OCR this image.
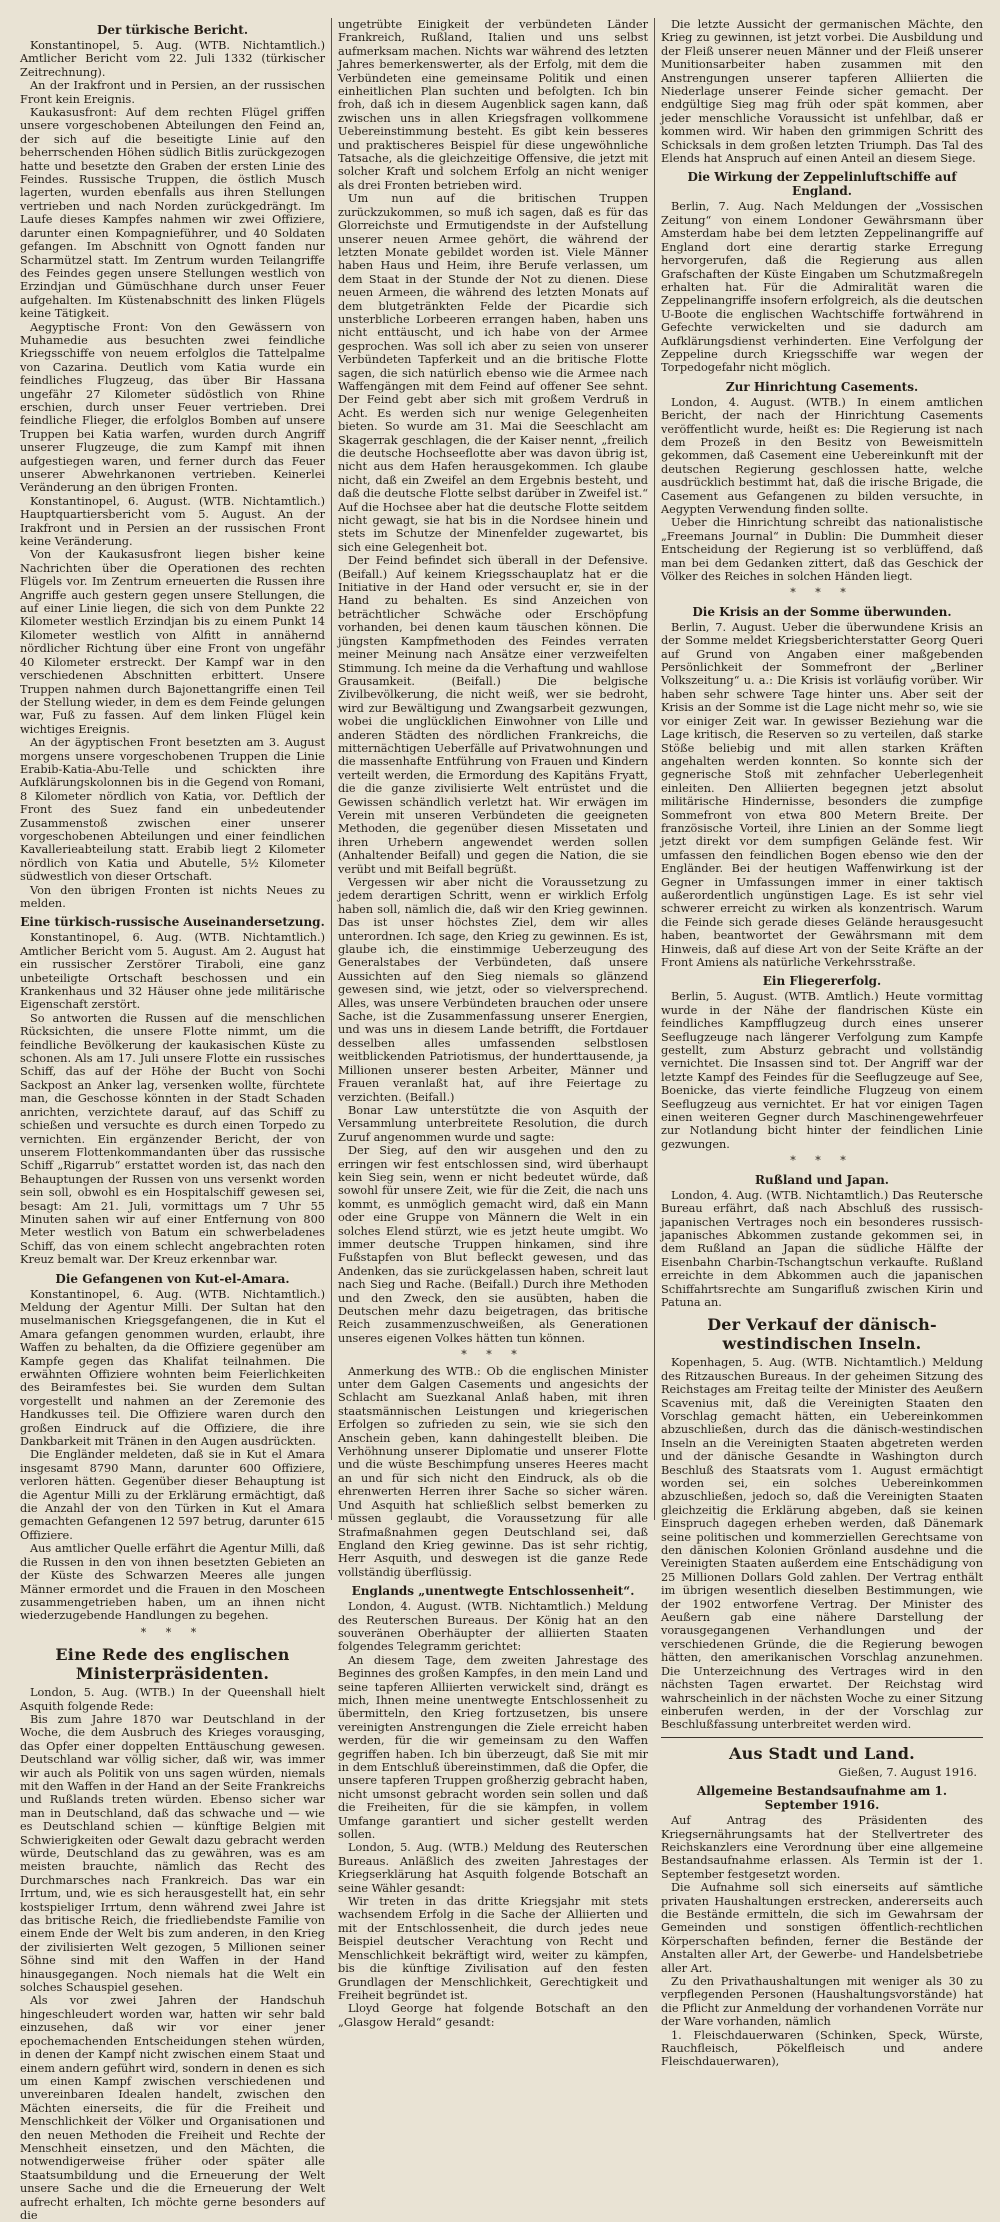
Der türkische Bericht.

Konstantinopel, 5. Aug. (WTB. Nichtamtlich.) Amtlicher Bericht vom 22. Juli 1332 (türkischer Zeitrechnung).

An der Irakfront und in Persien, an der russischen Front kein Ereignis.

Kaukasusfront: Auf dem rechten Flügel griffen unsere vorgeschobenen Abteilungen den Feind an, der sich auf die beseitigte Linie auf den beherrschenden Höhen südlich Bitlis zurückgezogen hatte und besetzte den Graben der ersten Linie des Feindes. Russische Truppen, die östlich Musch lagerten, wurden ebenfalls aus ihren Stellungen vertrieben und nach Norden zurückgedrängt. Im Laufe dieses Kampfes nahmen wir zwei Offiziere, darunter einen Kompagnieführer, und 40 Soldaten gefangen. Im Abschnitt von Ognott fanden nur Scharmützel statt. Im Zentrum wurden Teilangriffe des Feindes gegen unsere Stellungen westlich von Erzindjan und Gümüschhane durch unser Feuer aufgehalten. Im Küstenabschnitt des linken Flügels keine Tätigkeit.

Aegyptische Front: Von den Gewässern von Muhamedie aus besuchten zwei feindliche Kriegsschiffe von neuem erfolglos die Tattelpalme von Cazarina. Deutlich vom Katia wurde ein feindliches Flugzeug, das über Bir Hassana ungefähr 27 Kilometer südöstlich von Rhine erschien, durch unser Feuer vertrieben. Drei feindliche Flieger, die erfolglos Bomben auf unsere Truppen bei Katia warfen, wurden durch Angriff unserer Flugzeuge, die zum Kampf mit ihnen aufgestiegen waren, und ferner durch das Feuer unserer Abwehrkanonen vertrieben. Keinerlei Veränderung an den übrigen Fronten.

Konstantinopel, 6. August. (WTB. Nichtamtlich.) Hauptquartiersbericht vom 5. August. An der Irakfront und in Persien an der russischen Front keine Veränderung.

Von der Kaukasusfront liegen bisher keine Nachrichten über die Operationen des rechten Flügels vor. Im Zentrum erneuerten die Russen ihre Angriffe auch gestern gegen unsere Stellungen, die auf einer Linie liegen, die sich von dem Punkte 22 Kilometer westlich Erzindjan bis zu einem Punkt 14 Kilometer westlich von Alfitt in annähernd nördlicher Richtung über eine Front von ungefähr 40 Kilometer erstreckt. Der Kampf war in den verschiedenen Abschnitten erbittert. Unsere Truppen nahmen durch Bajonettangriffe einen Teil der Stellung wieder, in dem es dem Feinde gelungen war, Fuß zu fassen. Auf dem linken Flügel kein wichtiges Ereignis.

An der ägyptischen Front besetzten am 3. August morgens unsere vorgeschobenen Truppen die Linie Erabib-Katia-Abu-Telle und schickten ihre Aufklärungskolonnen bis in die Gegend von Romani, 8 Kilometer nördlich von Katia, vor. Deftlich der Front des Suez fand ein unbedeutender Zusammenstoß zwischen einer unserer vorgeschobenen Abteilungen und einer feindlichen Kavallerieabteilung statt. Erabib liegt 2 Kilometer nördlich von Katia und Abutelle, 5½ Kilometer südwestlich von dieser Ortschaft.

Von den übrigen Fronten ist nichts Neues zu melden.

Eine türkisch-russische Auseinandersetzung.

Konstantinopel, 6. Aug. (WTB. Nichtamtlich.) Amtlicher Bericht vom 5. August. Am 2. August hat ein russischer Zerstörer Tiraboli, eine ganz unbeteiligte Ortschaft beschossen und ein Krankenhaus und 32 Häuser ohne jede militärische Eigenschaft zerstört.

So antworten die Russen auf die menschlichen Rücksichten, die unsere Flotte nimmt, um die feindliche Bevölkerung der kaukasischen Küste zu schonen. Als am 17. Juli unsere Flotte ein russisches Schiff, das auf der Höhe der Bucht von Sochi Sackpost an Anker lag, versenken wollte, fürchtete man, die Geschosse könnten in der Stadt Schaden anrichten, verzichtete darauf, auf das Schiff zu schießen und versuchte es durch einen Torpedo zu vernichten. Ein ergänzender Bericht, der von unserem Flottenkommandanten über das russische Schiff „Rigarrub“ erstattet worden ist, das nach den Behauptungen der Russen von uns versenkt worden sein soll, obwohl es ein Hospitalschiff gewesen sei, besagt: Am 21. Juli, vormittags um 7 Uhr 55 Minuten sahen wir auf einer Entfernung von 800 Meter westlich von Batum ein schwerbeladenes Schiff, das von einem schlecht angebrachten roten Kreuz bemalt war. Der Kreuz erkennbar war.

Die Gefangenen von Kut-el-Amara.

Konstantinopel, 6. Aug. (WTB. Nichtamtlich.) Meldung der Agentur Milli. Der Sultan hat den muselmanischen Kriegsgefangenen, die in Kut el Amara gefangen genommen wurden, erlaubt, ihre Waffen zu behalten, da die Offiziere gegenüber am Kampfe gegen das Khalifat teilnahmen. Die erwähnten Offiziere wohnten beim Feierlichkeiten des Beiramfestes bei. Sie wurden dem Sultan vorgestellt und nahmen an der Zeremonie des Handkusses teil. Die Offiziere waren durch den großen Eindruck auf die Offiziere, die ihre Dankbarkeit mit Tränen in den Augen ausdrückten.

Die Engländer meldeten, daß sie in Kut el Amara insgesamt 8790 Mann, darunter 600 Offiziere, verloren hätten. Gegenüber dieser Behauptung ist die Agentur Milli zu der Erklärung ermächtigt, daß die Anzahl der von den Türken in Kut el Amara gemachten Gefangenen 12 597 betrug, darunter 615 Offiziere.

Aus amtlicher Quelle erfährt die Agentur Milli, daß die Russen in den von ihnen besetzten Gebieten an der Küste des Schwarzen Meeres alle jungen Männer ermordet und die Frauen in den Moscheen zusammengetrieben haben, um an ihnen nicht wiederzugebende Handlungen zu begehen.

* * *
Eine Rede des englischen Ministerpräsidenten.

London, 5. Aug. (WTB.) In der Queenshall hielt Asquith folgende Rede:

Bis zum Jahre 1870 war Deutschland in der Woche, die dem Ausbruch des Krieges vorausging, das Opfer einer doppelten Enttäuschung gewesen. Deutschland war völlig sicher, daß wir, was immer wir auch als Politik von uns sagen würden, niemals mit den Waffen in der Hand an der Seite Frankreichs und Rußlands treten würden. Ebenso sicher war man in Deutschland, daß das schwache und — wie es Deutschland schien — künftige Belgien mit Schwierigkeiten oder Gewalt dazu gebracht werden würde, Deutschland das zu gewähren, was es am meisten brauchte, nämlich das Recht des Durchmarsches nach Frankreich. Das war ein Irrtum, und, wie es sich herausgestellt hat, ein sehr kostspieliger Irrtum, denn während zwei Jahre ist das britische Reich, die friedliebendste Familie von einem Ende der Welt bis zum anderen, in den Krieg der zivilisierten Welt gezogen, 5 Millionen seiner Söhne sind mit den Waffen in der Hand hinausgegangen. Noch niemals hat die Welt ein solches Schauspiel gesehen.

Als vor zwei Jahren der Handschuh hingeschleudert worden war, hatten wir sehr bald einzusehen, daß wir vor einer jener epochemachenden Entscheidungen stehen würden, in denen der Kampf nicht zwischen einem Staat und einem andern geführt wird, sondern in denen es sich um einen Kampf zwischen verschiedenen und unvereinbaren Idealen handelt, zwischen den Mächten einerseits, die für die Freiheit und Menschlichkeit der Völker und Organisationen und den neuen Methoden die Freiheit und Rechte der Menschheit einsetzen, und den Mächten, die notwendigerweise früher oder später alle Staatsumbildung und die Erneuerung der Welt unsere Sache und die die Erneuerung der Welt aufrecht erhalten, Ich möchte gerne besonders auf die

ungetrübte Einigkeit der verbündeten Länder Frankreich, Rußland, Italien und uns selbst aufmerksam machen. Nichts war während des letzten Jahres bemerkenswerter, als der Erfolg, mit dem die Verbündeten eine gemeinsame Politik und einen einheitlichen Plan suchten und befolgten. Ich bin froh, daß ich in diesem Augenblick sagen kann, daß zwischen uns in allen Kriegsfragen vollkommene Uebereinstimmung besteht. Es gibt kein besseres und praktischeres Beispiel für diese ungewöhnliche Tatsache, als die gleichzeitige Offensive, die jetzt mit solcher Kraft und solchem Erfolg an nicht weniger als drei Fronten betrieben wird.

Um nun auf die britischen Truppen zurückzukommen, so muß ich sagen, daß es für das Glorreichste und Ermutigendste in der Aufstellung unserer neuen Armee gehört, die während der letzten Monate gebildet worden ist. Viele Männer haben Haus und Heim, ihre Berufe verlassen, um dem Staat in der Stunde der Not zu dienen. Diese neuen Armeen, die während des letzten Monats auf dem blutgetränkten Felde der Picardie sich unsterbliche Lorbeeren errangen haben, haben uns nicht enttäuscht, und ich habe von der Armee gesprochen. Was soll ich aber zu seien von unserer Verbündeten Tapferkeit und an die britische Flotte sagen, die sich natürlich ebenso wie die Armee nach Waffengängen mit dem Feind auf offener See sehnt. Der Feind gebt aber sich mit großem Verdruß in Acht. Es werden sich nur wenige Gelegenheiten bieten. So wurde am 31. Mai die Seeschlacht am Skagerrak geschlagen, die der Kaiser nennt, „freilich die deutsche Hochseeflotte aber was davon übrig ist, nicht aus dem Hafen herausgekommen. Ich glaube nicht, daß ein Zweifel an dem Ergebnis besteht, und daß die deutsche Flotte selbst darüber in Zweifel ist.“ Auf die Hochsee aber hat die deutsche Flotte seitdem nicht gewagt, sie hat bis in die Nordsee hinein und stets im Schutze der Minenfelder zugewartet, bis sich eine Gelegenheit bot.

Der Feind befindet sich überall in der Defensive. (Beifall.) Auf keinem Kriegsschauplatz hat er die Initiative in der Hand oder versucht er, sie in der Hand zu behalten. Es sind Anzeichen von beträchtlicher Schwäche oder Erschöpfung vorhanden, bei denen kaum täuschen können. Die jüngsten Kampfmethoden des Feindes verraten meiner Meinung nach Ansätze einer verzweifelten Stimmung. Ich meine da die Verhaftung und wahllose Grausamkeit. (Beifall.) Die belgische Zivilbevölkerung, die nicht weiß, wer sie bedroht, wird zur Bewältigung und Zwangsarbeit gezwungen, wobei die unglücklichen Einwohner von Lille und anderen Städten des nördlichen Frankreichs, die mitternächtigen Ueberfälle auf Privatwohnungen und die massenhafte Entführung von Frauen und Kindern verteilt werden, die Ermordung des Kapitäns Fryatt, die die ganze zivilisierte Welt entrüstet und die Gewissen schändlich verletzt hat. Wir erwägen im Verein mit unseren Verbündeten die geeigneten Methoden, die gegenüber diesen Missetaten und ihren Urhebern angewendet werden sollen (Anhaltender Beifall) und gegen die Nation, die sie verübt und mit Beifall begrüßt.

Vergessen wir aber nicht die Voraussetzung zu jedem derartigen Schritt, wenn er wirklich Erfolg haben soll, nämlich die, daß wir den Krieg gewinnen. Das ist unser höchstes Ziel, dem wir alles unterordnen. Ich sage, den Krieg zu gewinnen. Es ist, glaube ich, die einstimmige Ueberzeugung des Generalstabes der Verbündeten, daß unsere Aussichten auf den Sieg niemals so glänzend gewesen sind, wie jetzt, oder so vielversprechend. Alles, was unsere Verbündeten brauchen oder unsere Sache, ist die Zusammenfassung unserer Energien, und was uns in diesem Lande betrifft, die Fortdauer desselben alles umfassenden selbstlosen weitblickenden Patriotismus, der hunderttausende, ja Millionen unserer besten Arbeiter, Männer und Frauen veranlaßt hat, auf ihre Feiertage zu verzichten. (Beifall.)

Bonar Law unterstützte die von Asquith der Versammlung unterbreitete Resolution, die durch Zuruf angenommen wurde und sagte:

Der Sieg, auf den wir ausgehen und den zu erringen wir fest entschlossen sind, wird überhaupt kein Sieg sein, wenn er nicht bedeutet würde, daß sowohl für unsere Zeit, wie für die Zeit, die nach uns kommt, es unmöglich gemacht wird, daß ein Mann oder eine Gruppe von Männern die Welt in ein solches Elend stürzt, wie es jetzt heute umgibt. Wo immer deutsche Truppen hinkamen, sind ihre Fußstapfen von Blut befleckt gewesen, und das Andenken, das sie zurückgelassen haben, schreit laut nach Sieg und Rache. (Beifall.) Durch ihre Methoden und den Zweck, den sie ausübten, haben die Deutschen mehr dazu beigetragen, das britische Reich zusammenzuschweißen, als Generationen unseres eigenen Volkes hätten tun können.

* * *

Anmerkung des WTB.: Ob die englischen Minister unter dem Galgen Casements und angesichts der Schlacht am Suezkanal Anlaß haben, mit ihren staatsmännischen Leistungen und kriegerischen Erfolgen so zufrieden zu sein, wie sie sich den Anschein geben, kann dahingestellt bleiben. Die Verhöhnung unserer Diplomatie und unserer Flotte und die wüste Beschimpfung unseres Heeres macht an und für sich nicht den Eindruck, als ob die ehrenwerten Herren ihrer Sache so sicher wären. Und Asquith hat schließlich selbst bemerken zu müssen geglaubt, die Voraussetzung für alle Strafmaßnahmen gegen Deutschland sei, daß England den Krieg gewinne. Das ist sehr richtig, Herr Asquith, und deswegen ist die ganze Rede vollständig überflüssig.

Englands „unentwegte Entschlossenheit“.

London, 4. August. (WTB. Nichtamtlich.) Meldung des Reuterschen Bureaus. Der König hat an den souveränen Oberhäupter der alliierten Staaten folgendes Telegramm gerichtet:

An diesem Tage, dem zweiten Jahrestage des Beginnes des großen Kampfes, in den mein Land und seine tapferen Alliierten verwickelt sind, drängt es mich, Ihnen meine unentwegte Entschlossenheit zu übermitteln, den Krieg fortzusetzen, bis unsere vereinigten Anstrengungen die Ziele erreicht haben werden, für die wir gemeinsam zu den Waffen gegriffen haben. Ich bin überzeugt, daß Sie mit mir in dem Entschluß übereinstimmen, daß die Opfer, die unsere tapferen Truppen großherzig gebracht haben, nicht umsonst gebracht worden sein sollen und daß die Freiheiten, für die sie kämpfen, in vollem Umfange garantiert und sicher gestellt werden sollen.

London, 5. Aug. (WTB.) Meldung des Reuterschen Bureaus. Anläßlich des zweiten Jahrestages der Kriegserklärung hat Asquith folgende Botschaft an seine Wähler gesandt:

Wir treten in das dritte Kriegsjahr mit stets wachsendem Erfolg in die Sache der Alliierten und mit der Entschlossenheit, die durch jedes neue Beispiel deutscher Verachtung von Recht und Menschlichkeit bekräftigt wird, weiter zu kämpfen, bis die künftige Zivilisation auf den festen Grundlagen der Menschlichkeit, Gerechtigkeit und Freiheit begründet ist.

Lloyd George hat folgende Botschaft an den „Glasgow Herald“ gesandt:

Die letzte Aussicht der germanischen Mächte, den Krieg zu gewinnen, ist jetzt vorbei. Die Ausbildung und der Fleiß unserer neuen Männer und der Fleiß unserer Munitionsarbeiter haben zusammen mit den Anstrengungen unserer tapferen Alliierten die Niederlage unserer Feinde sicher gemacht. Der endgültige Sieg mag früh oder spät kommen, aber jeder menschliche Voraussicht ist unfehlbar, daß er kommen wird. Wir haben den grimmigen Schritt des Schicksals in dem großen letzten Triumph. Das Tal des Elends hat Anspruch auf einen Anteil an diesem Siege.

Die Wirkung der Zeppelinluftschiffe auf England.

Berlin, 7. Aug. Nach Meldungen der „Vossischen Zeitung“ von einem Londoner Gewährsmann über Amsterdam habe bei dem letzten Zeppelinangriffe auf England dort eine derartig starke Erregung hervorgerufen, daß die Regierung aus allen Grafschaften der Küste Eingaben um Schutzmaßregeln erhalten hat. Für die Admiralität waren die Zeppelinangriffe insofern erfolgreich, als die deutschen U-Boote die englischen Wachtschiffe fortwährend in Gefechte verwickelten und sie dadurch am Aufklärungsdienst verhinderten. Eine Verfolgung der Zeppeline durch Kriegsschiffe war wegen der Torpedogefahr nicht möglich.

Zur Hinrichtung Casements.

London, 4. August. (WTB.) In einem amtlichen Bericht, der nach der Hinrichtung Casements veröffentlicht wurde, heißt es: Die Regierung ist nach dem Prozeß in den Besitz von Beweismitteln gekommen, daß Casement eine Uebereinkunft mit der deutschen Regierung geschlossen hatte, welche ausdrücklich bestimmt hat, daß die irische Brigade, die Casement aus Gefangenen zu bilden versuchte, in Aegypten Verwendung finden sollte.

Ueber die Hinrichtung schreibt das nationalistische „Freemans Journal“ in Dublin: Die Dummheit dieser Entscheidung der Regierung ist so verblüffend, daß man bei dem Gedanken zittert, daß das Geschick der Völker des Reiches in solchen Händen liegt.

* * *
Die Krisis an der Somme überwunden.

Berlin, 7. August. Ueber die überwundene Krisis an der Somme meldet Kriegsberichterstatter Georg Queri auf Grund von Angaben einer maßgebenden Persönlichkeit der Sommefront der „Berliner Volkszeitung“ u. a.: Die Krisis ist vorläufig vorüber. Wir haben sehr schwere Tage hinter uns. Aber seit der Krisis an der Somme ist die Lage nicht mehr so, wie sie vor einiger Zeit war. In gewisser Beziehung war die Lage kritisch, die Reserven so zu verteilen, daß starke Stöße beliebig und mit allen starken Kräften angehalten werden konnten. So konnte sich der gegnerische Stoß mit zehnfacher Ueberlegenheit einleiten. Den Alliierten begegnen jetzt absolut militärische Hindernisse, besonders die zumpfige Sommefront von etwa 800 Metern Breite. Der französische Vorteil, ihre Linien an der Somme liegt jetzt direkt vor dem sumpfigen Gelände fest. Wir umfassen den feindlichen Bogen ebenso wie den der Engländer. Bei der heutigen Waffenwirkung ist der Gegner in Umfassungen immer in einer taktisch außerordentlich ungünstigen Lage. Es ist sehr viel schwerer erreicht zu wirken als konzentrisch. Warum die Feinde sich gerade dieses Gelände herausgesucht haben, beantwortet der Gewährsmann mit dem Hinweis, daß auf diese Art von der Seite Kräfte an der Front Amiens als natürliche Verkehrsstraße.

Ein Fliegererfolg.

Berlin, 5. August. (WTB. Amtlich.) Heute vormittag wurde in der Nähe der flandrischen Küste ein feindliches Kampfflugzeug durch eines unserer Seeflugzeuge nach längerer Verfolgung zum Kampfe gestellt, zum Absturz gebracht und vollständig vernichtet. Die Insassen sind tot. Der Angriff war der letzte Kampf des Feindes für die Seeflugzeuge auf See, Boenicke, das vierte feindliche Flugzeug von einem Seeflugzeug aus vernichtet. Er hat vor einigen Tagen einen weiteren Gegner durch Maschinengewehrfeuer zur Notlandung bicht hinter der feindlichen Linie gezwungen.

* * *
Rußland und Japan.

London, 4. Aug. (WTB. Nichtamtlich.) Das Reutersche Bureau erfährt, daß nach Abschluß des russisch-japanischen Vertrages noch ein besonderes russisch-japanisches Abkommen zustande gekommen sei, in dem Rußland an Japan die südliche Hälfte der Eisenbahn Charbin-Tschangtschun verkaufte. Rußland erreichte in dem Abkommen auch die japanischen Schiffahrtsrechte am Sungarifluß zwischen Kirin und Patuna an.

Der Verkauf der dänisch-westindischen Inseln.

Kopenhagen, 5. Aug. (WTB. Nichtamtlich.) Meldung des Ritzauschen Bureaus. In der geheimen Sitzung des Reichstages am Freitag teilte der Minister des Aeußern Scavenius mit, daß die Vereinigten Staaten den Vorschlag gemacht hätten, ein Uebereinkommen abzuschließen, durch das die dänisch-westindischen Inseln an die Vereinigten Staaten abgetreten werden und der dänische Gesandte in Washington durch Beschluß des Staatsrats vom 1. August ermächtigt worden sei, ein solches Uebereinkommen abzuschließen, jedoch so, daß die Vereinigten Staaten gleichzeitig die Erklärung abgeben, daß sie keinen Einspruch dagegen erheben werden, daß Dänemark seine politischen und kommerziellen Gerechtsame von den dänischen Kolonien Grönland ausdehne und die Vereinigten Staaten außerdem eine Entschädigung von 25 Millionen Dollars Gold zahlen. Der Vertrag enthält im übrigen wesentlich dieselben Bestimmungen, wie der 1902 entworfene Vertrag. Der Minister des Aeußern gab eine nähere Darstellung der vorausgegangenen Verhandlungen und der verschiedenen Gründe, die die Regierung bewogen hätten, den amerikanischen Vorschlag anzunehmen. Die Unterzeichnung des Vertrages wird in den nächsten Tagen erwartet. Der Reichstag wird wahrscheinlich in der nächsten Woche zu einer Sitzung einberufen werden, in der der Vorschlag zur Beschlußfassung unterbreitet werden wird.

Aus Stadt und Land.
Gießen, 7. August 1916.
Allgemeine Bestandsaufnahme am 1. September 1916.

Auf Antrag des Präsidenten des Kriegsernährungsamts hat der Stellvertreter des Reichskanzlers eine Verordnung über eine allgemeine Bestandsaufnahme erlassen. Als Termin ist der 1. September festgesetzt worden.

Die Aufnahme soll sich einerseits auf sämtliche privaten Haushaltungen erstrecken, andererseits auch die Bestände ermitteln, die sich im Gewahrsam der Gemeinden und sonstigen öffentlich-rechtlichen Körperschaften befinden, ferner die Bestände der Anstalten aller Art, der Gewerbe- und Handelsbetriebe aller Art.

Zu den Privathaushaltungen mit weniger als 30 zu verpflegenden Personen (Haushaltungsvorstände) hat die Pflicht zur Anmeldung der vorhandenen Vorräte nur der Ware vorhanden, nämlich

1. Fleischdauerwaren (Schinken, Speck, Würste, Rauchfleisch, Pökelfleisch und andere Fleischdauerwaren),
